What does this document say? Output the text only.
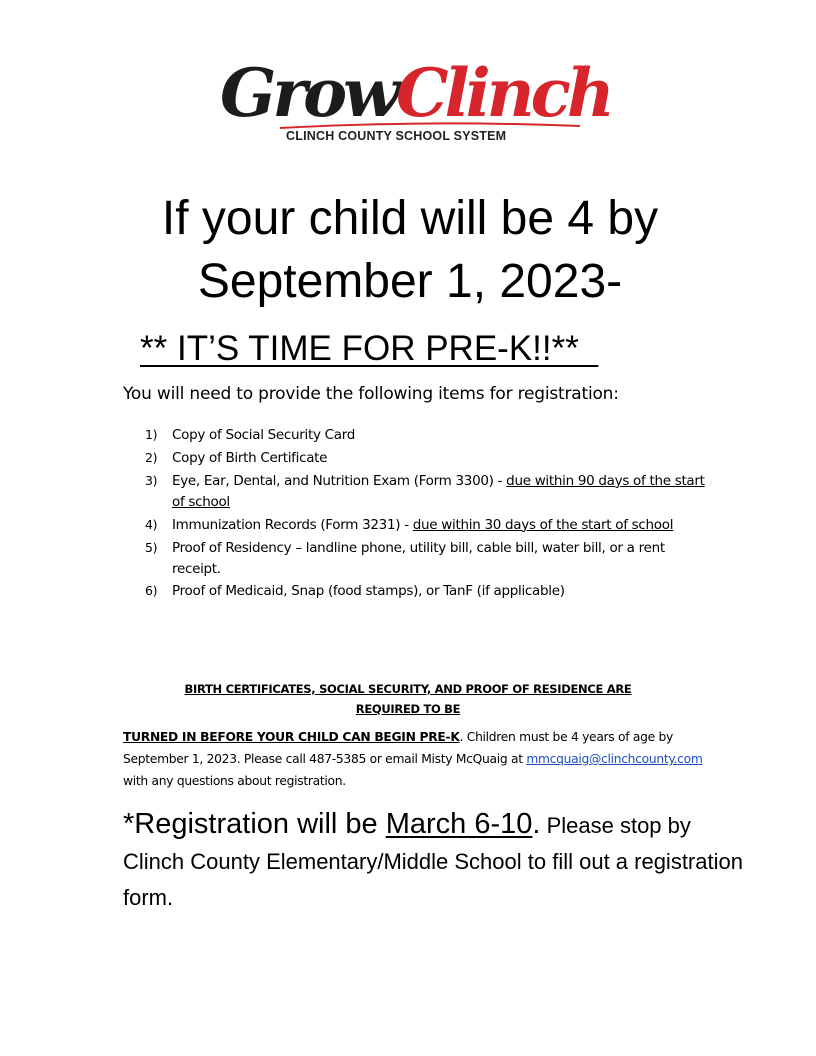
GrowClinch
CLINCH COUNTY SCHOOL SYSTEM
If your child will be 4 by
September 1, 2023-
** IT’S TIME FOR PRE-K!!**
You will need to provide the following items for registration:
1) Copy of Social Security Card
2) Copy of Birth Certificate
3) Eye, Ear, Dental, and Nutrition Exam (Form 3300) - due within 90 days of the start of school
4) Immunization Records (Form 3231) - due within 30 days of the start of school
5) Proof of Residency – landline phone, utility bill, cable bill, water bill, or a rent receipt.
6) Proof of Medicaid, Snap (food stamps), or TanF (if applicable)
BIRTH CERTIFICATES, SOCIAL SECURITY, AND PROOF OF RESIDENCE ARE
REQUIRED TO BE
TURNED IN BEFORE YOUR CHILD CAN BEGIN PRE-K. Children must be 4 years of age by September 1, 2023. Please call 487-5385 or email Misty McQuaig at mmcquaig@clinchcounty.com with any questions about registration.
*Registration will be March 6-10. Please stop by Clinch County Elementary/Middle School to fill out a registration form.
